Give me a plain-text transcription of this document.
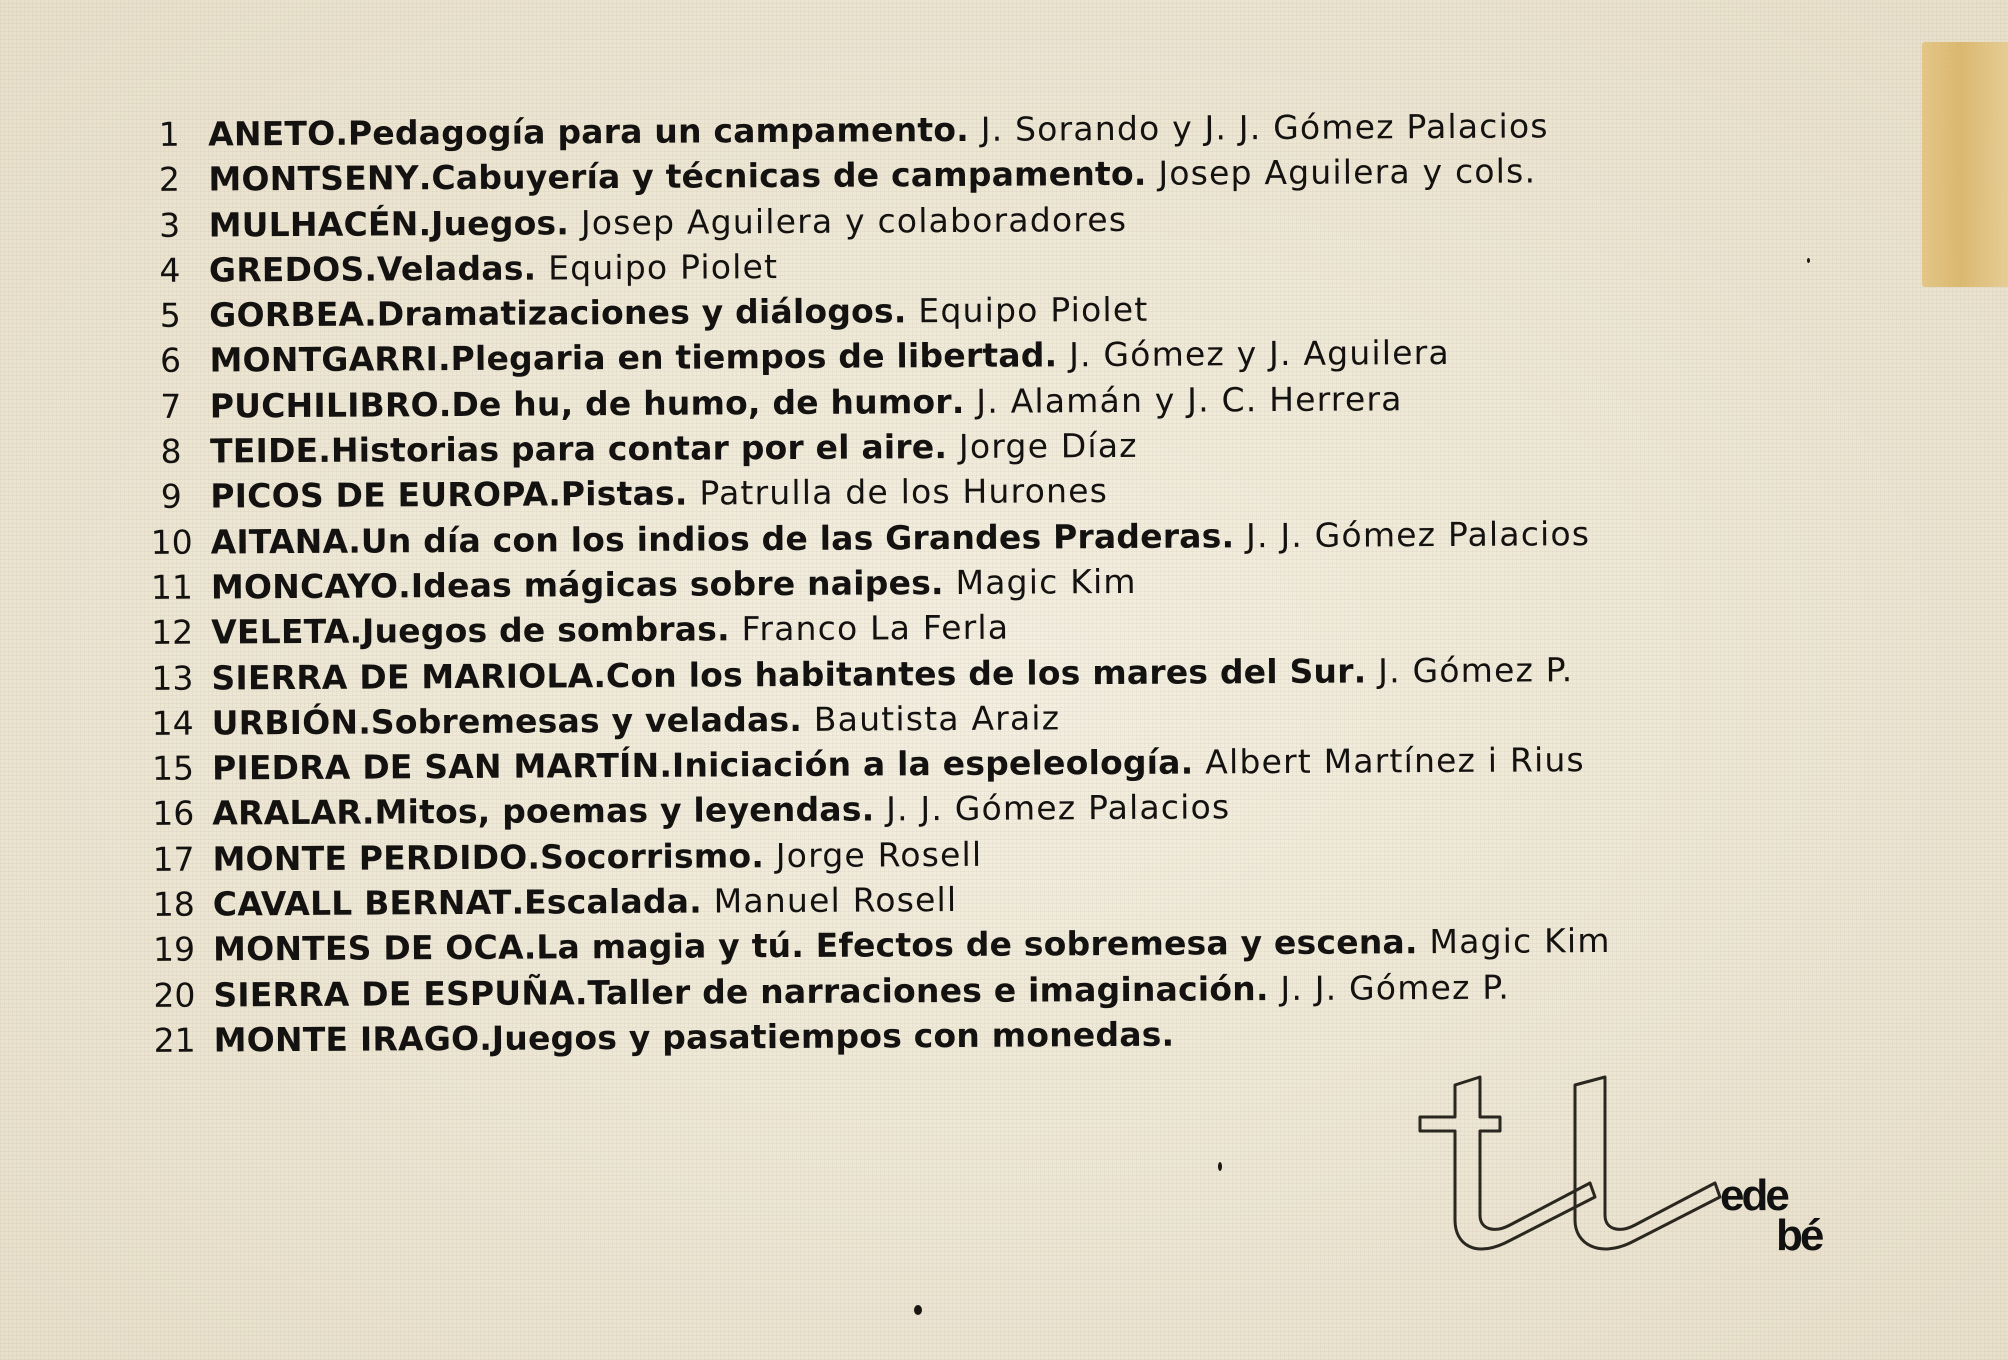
1 ANETO . Pedagogía para un campamento . J. Sorando y J. J. Gómez Palacios
2 MONTSENY . Cabuyería y técnicas de campamento . Josep Aguilera y cols.
3 MULHACÉN . Juegos . Josep Aguilera y colaboradores
4 GREDOS . Veladas . Equipo Piolet
5 GORBEA . Dramatizaciones y diálogos . Equipo Piolet
6 MONTGARRI . Plegaria en tiempos de libertad . J. Gómez y J. Aguilera
7 PUCHILIBRO . De hu, de humo, de humor . J. Alamán y J. C. Herrera
8 TEIDE . Historias para contar por el aire . Jorge Díaz
9 PICOS DE EUROPA . Pistas . Patrulla de los Hurones
10 AITANA . Un día con los indios de las Grandes Praderas . J. J. Gómez Palacios
11 MONCAYO . Ideas mágicas sobre naipes . Magic Kim
12 VELETA . Juegos de sombras . Franco La Ferla
13 SIERRA DE MARIOLA . Con los habitantes de los mares del Sur . J. Gómez P.
14 URBIÓN . Sobremesas y veladas . Bautista Araiz
15 PIEDRA DE SAN MARTÍN . Iniciación a la espeleología . Albert Martínez i Rius
16 ARALAR . Mitos, poemas y leyendas . J. J. Gómez Palacios
17 MONTE PERDIDO . Socorrismo . Jorge Rosell
18 CAVALL BERNAT . Escalada . Manuel Rosell
19 MONTES DE OCA . La magia y tú. Efectos de sobremesa y escena . Magic Kim
20 SIERRA DE ESPUÑA . Taller de narraciones e imaginación . J. J. Gómez P.
21 MONTE IRAGO . Juegos y pasatiempos con monedas .
ede
bé
